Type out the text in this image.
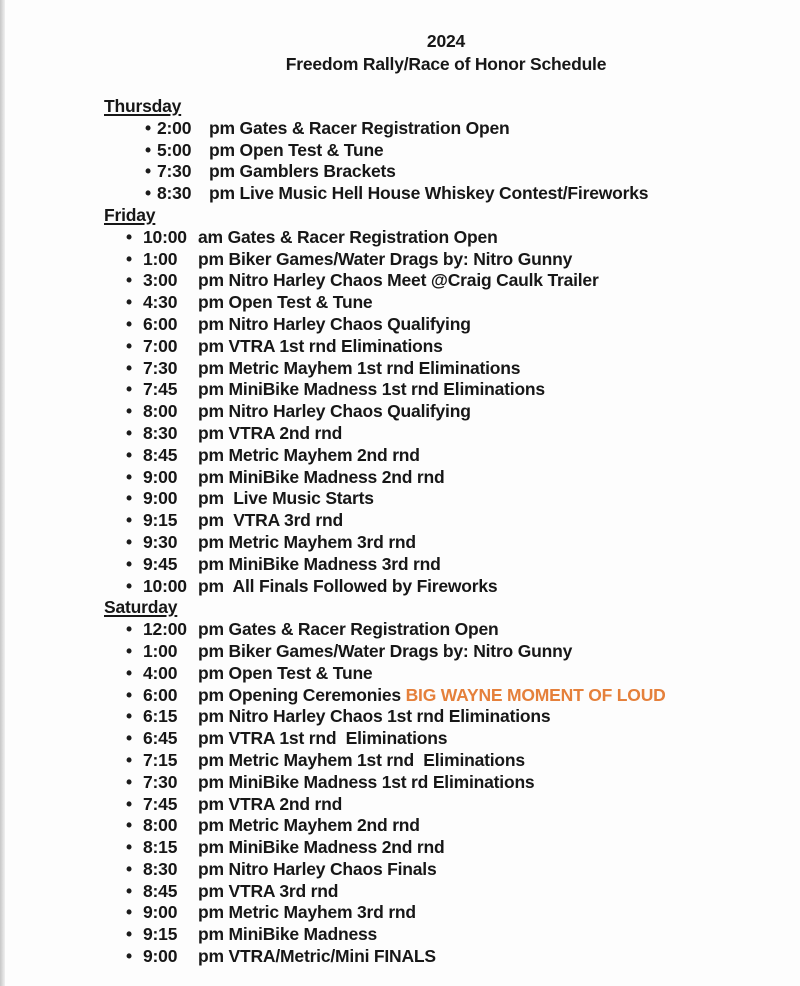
2024
Freedom Rally/Race of Honor Schedule
Thursday
• 2:00	pm Gates & Racer Registration Open
• 5:00	pm Open Test & Tune
• 7:30	pm Gamblers Brackets
• 8:30	pm Live Music Hell House Whiskey Contest/Fireworks
Friday
• 10:00 am Gates & Racer Registration Open
• 1:00	pm Biker Games/Water Drags by: Nitro Gunny
• 3:00	pm Nitro Harley Chaos Meet @Craig Caulk Trailer
• 4:30	pm Open Test & Tune
• 6:00	pm Nitro Harley Chaos Qualifying
• 7:00	pm VTRA 1st rnd Eliminations
• 7:30	pm Metric Mayhem 1st rnd Eliminations
• 7:45	pm MiniBike Madness 1st rnd Eliminations
• 8:00	pm Nitro Harley Chaos Qualifying
• 8:30	pm VTRA 2nd rnd
• 8:45	pm Metric Mayhem 2nd rnd
• 9:00	pm MiniBike Madness 2nd rnd
• 9:00	pm  Live Music Starts
• 9:15	pm  VTRA 3rd rnd
• 9:30	pm Metric Mayhem 3rd rnd
• 9:45	pm MiniBike Madness 3rd rnd
• 10:00 pm  All Finals Followed by Fireworks
Saturday
• 12:00 pm Gates & Racer Registration Open
• 1:00	pm Biker Games/Water Drags by: Nitro Gunny
• 4:00	pm Open Test & Tune
• 6:00	pm Opening Ceremonies BIG WAYNE MOMENT OF LOUD
• 6:15	pm Nitro Harley Chaos 1st rnd Eliminations
• 6:45	pm VTRA 1st rnd  Eliminations
• 7:15	pm Metric Mayhem 1st rnd  Eliminations
• 7:30	pm MiniBike Madness 1st rd Eliminations
• 7:45	pm VTRA 2nd rnd
• 8:00	pm Metric Mayhem 2nd rnd
• 8:15	pm MiniBike Madness 2nd rnd
• 8:30	pm Nitro Harley Chaos Finals
• 8:45	pm VTRA 3rd rnd
• 9:00	pm Metric Mayhem 3rd rnd
• 9:15	pm MiniBike Madness
• 9:00	pm VTRA/Metric/Mini FINALS
